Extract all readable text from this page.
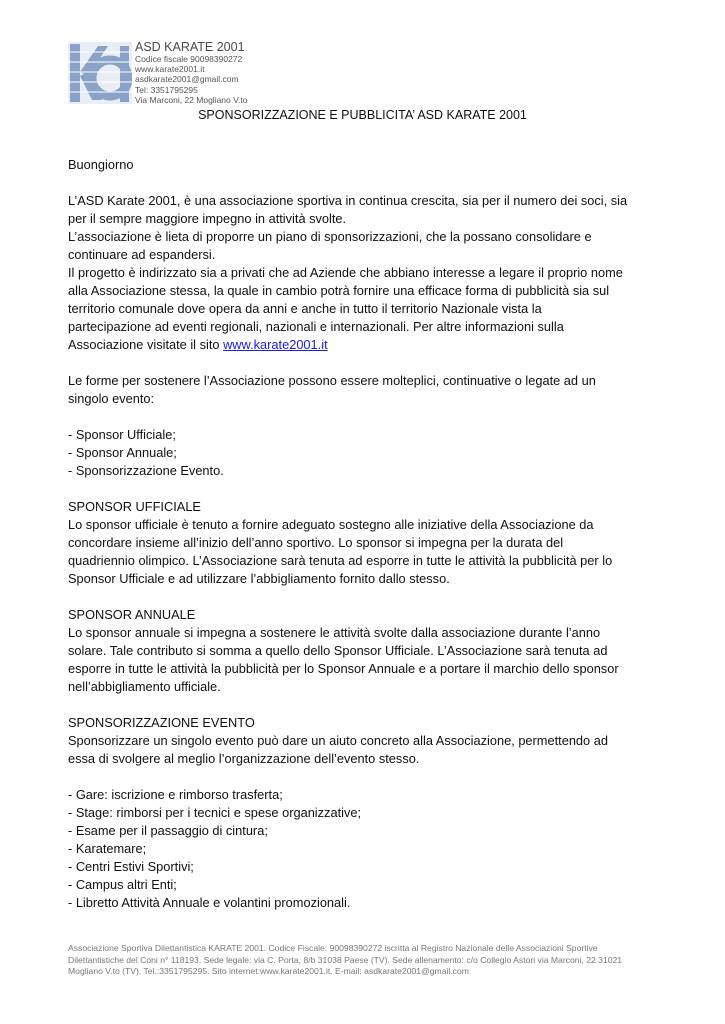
ASD KARATE 2001

Codice fiscale 90098390272

www.karate2001.it

asdkarate2001@gmail.com

Tel: 3351795295

Via Marconi, 22 Mogliano V.to

SPONSORIZZAZIONE E PUBBLICITA’ ASD KARATE 2001

Buongiorno

L’ASD Karate 2001, è una associazione sportiva in continua crescita, sia per il numero dei soci, sia

per il sempre maggiore impegno in attività svolte.

L’associazione è lieta di proporre un piano di sponsorizzazioni, che la possano consolidare e

continuare ad espandersi.

Il progetto è indirizzato sia a privati che ad Aziende che abbiano interesse a legare il proprio nome

alla Associazione stessa, la quale in cambio potrà fornire una efficace forma di pubblicità sia sul

territorio comunale dove opera da anni e anche in tutto il territorio Nazionale vista la

partecipazione ad eventi regionali, nazionali e internazionali. Per altre informazioni sulla

Associazione visitate il sito www.karate2001.it

Le forme per sostenere l’Associazione possono essere molteplici, continuative o legate ad un

singolo evento:

- Sponsor Ufficiale;

- Sponsor Annuale;

- Sponsorizzazione Evento.

SPONSOR UFFICIALE

Lo sponsor ufficiale è tenuto a fornire adeguato sostegno alle iniziative della Associazione da

concordare insieme all’inizio dell’anno sportivo. Lo sponsor si impegna per la durata del

quadriennio olimpico. L’Associazione sarà tenuta ad esporre in tutte le attività la pubblicità per lo

Sponsor Ufficiale e ad utilizzare l’abbigliamento fornito dallo stesso.

SPONSOR ANNUALE

Lo sponsor annuale si impegna a sostenere le attività svolte dalla associazione durante l’anno

solare. Tale contributo si somma a quello dello Sponsor Ufficiale. L’Associazione sarà tenuta ad

esporre in tutte le attività la pubblicità per lo Sponsor Annuale e a portare il marchio dello sponsor

nell’abbigliamento ufficiale.

SPONSORIZZAZIONE EVENTO

Sponsorizzare un singolo evento può dare un aiuto concreto alla Associazione, permettendo ad

essa di svolgere al meglio l’organizzazione dell’evento stesso.

- Gare: iscrizione e rimborso trasferta;

- Stage: rimborsi per i tecnici e spese organizzative;

- Esame per il passaggio di cintura;

- Karatemare;

- Centri Estivi Sportivi;

- Campus altri Enti;

- Libretto Attività Annuale e volantini promozionali.

Associazione Sportiva Dilettantistica KARATE 2001. Codice Fiscale: 90098390272 iscritta al Registro Nazionale delle Associazioni Sportive

Dilettantistiche del Coni n° 118193. Sede legale: via C. Porta, 8/b 31038 Paese (TV). Sede allenamento: c/o Collegio Astori via Marconi, 22 31021

Mogliano V.to (TV). Tel.:3351795295. Sito internet:www.karate2001.it. E-mail: asdkarate2001@gmail.com
